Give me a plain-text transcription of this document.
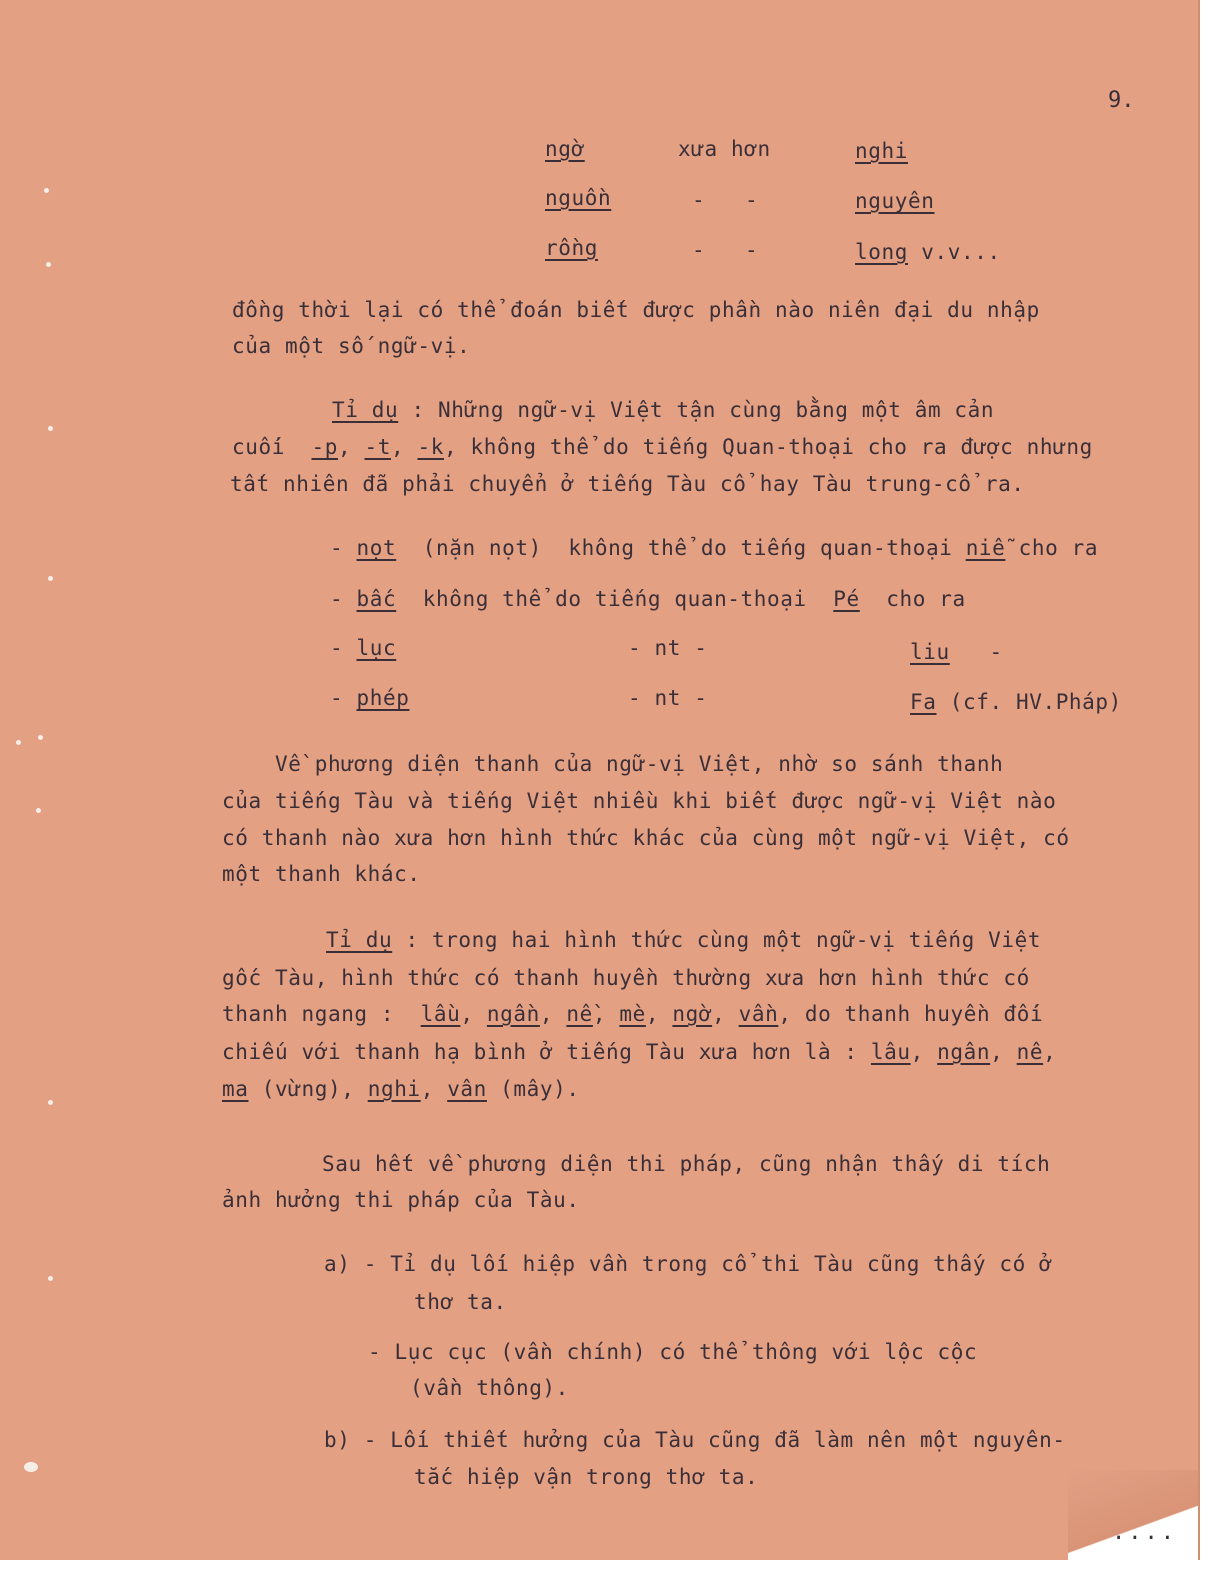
9.
ngờ	xưa hơn	nghi
nguồn	-   -	nguyên
rồng	-   -	long v.v...
đồng thời lại có thể đoán biết được phần nào niên đại du nhập
của một số ngữ-vị.
Tỉ dụ : Những ngữ-vị Việt tận cùng bằng một âm cản
cuối  -p, -t, -k, không thể do tiếng Quan-thoại cho ra được nhưng
tất nhiên đã phải chuyển ở tiếng Tàu cổ hay Tàu trung-cổ ra.
- nọt  (nặn nọt)  không thể do tiếng quan-thoại niễ cho ra
- bấc  không thể do tiếng quan-thoại  Pé  cho ra
- lục	- nt -	liu   -
- phép	- nt -	Fa (cf. HV.Pháp)
Về phương diện thanh của ngữ-vị Việt, nhờ so sánh thanh
của tiếng Tàu và tiếng Việt nhiều khi biết được ngữ-vị Việt nào
có thanh nào xưa hơn hình thức khác của cùng một ngữ-vị Việt, có
một thanh khác.
Tỉ dụ : trong hai hình thức cùng một ngữ-vị tiếng Việt
gốc Tàu, hình thức có thanh huyền thường xưa hơn hình thức có
thanh ngang :  lầu, ngần, nề, mè, ngờ, vần, do thanh huyền đối
chiếu với thanh hạ bình ở tiếng Tàu xưa hơn là : lâu, ngân, nê,
ma (vừng), nghi, vân (mây).
Sau hết về phương diện thi pháp, cũng nhận thấy di tích
ảnh hưởng thi pháp của Tàu.
a) - Tỉ dụ lối hiệp vần trong cổ thi Tàu cũng thấy có ở
thơ ta.
- Lục cục (vần chính) có thể thông với lộc cộc
(vần thông).
b) - Lối thiết hưởng của Tàu cũng đã làm nên một nguyên-
tắc hiệp vận trong thơ ta.
....
